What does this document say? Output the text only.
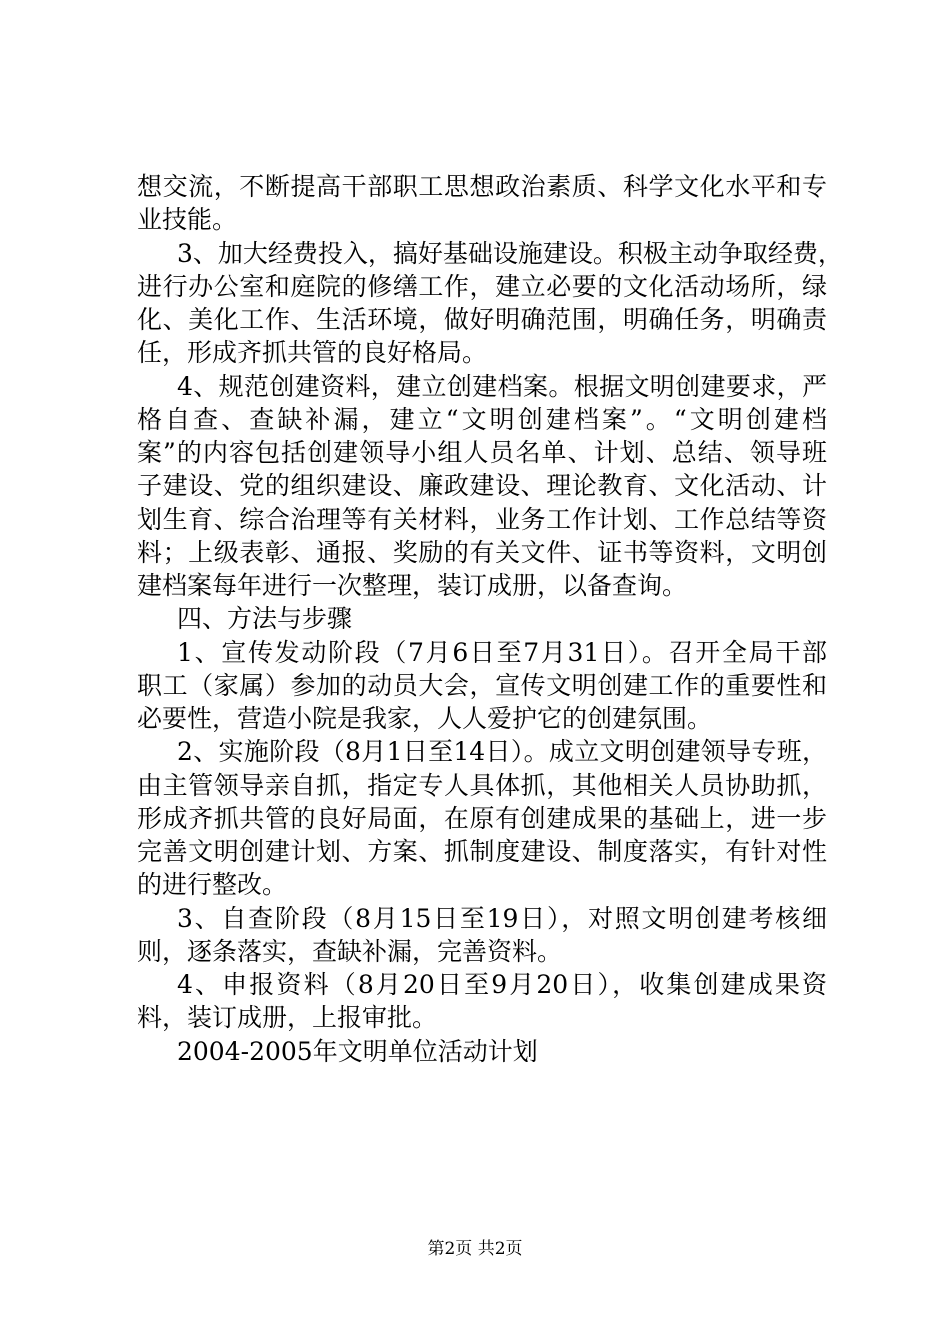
想交流，不断提高干部职工思想政治素质、科学文化水平和专
业技能。
3、加大经费投入，搞好基础设施建设。积极主动争取经费，
进行办公室和庭院的修缮工作，建立必要的文化活动场所，绿
化、美化工作、生活环境，做好明确范围，明确任务，明确责
任，形成齐抓共管的良好格局。
4、规范创建资料，建立创建档案。根据文明创建要求，严
格自查、查缺补漏，建立“文明创建档案”。“文明创建档
案”的内容包括创建领导小组人员名单、计划、总结、领导班
子建设、党的组织建设、廉政建设、理论教育、文化活动、计
划生育、综合治理等有关材料，业务工作计划、工作总结等资
料；上级表彰、通报、奖励的有关文件、证书等资料，文明创
建档案每年进行一次整理，装订成册，以备查询。
四、方法与步骤
1、宣传发动阶段（7月6日至7月31日）。召开全局干部
职工（家属）参加的动员大会，宣传文明创建工作的重要性和
必要性，营造小院是我家，人人爱护它的创建氛围。
2、实施阶段（8月1日至14日）。成立文明创建领导专班，
由主管领导亲自抓，指定专人具体抓，其他相关人员协助抓，
形成齐抓共管的良好局面，在原有创建成果的基础上，进一步
完善文明创建计划、方案、抓制度建设、制度落实，有针对性
的进行整改。
3、自查阶段（8月15日至19日），对照文明创建考核细
则，逐条落实，查缺补漏，完善资料。
4、申报资料（8月20日至9月20日），收集创建成果资
料，装订成册，上报审批。
2004-2005年文明单位活动计划
第2页 共2页
